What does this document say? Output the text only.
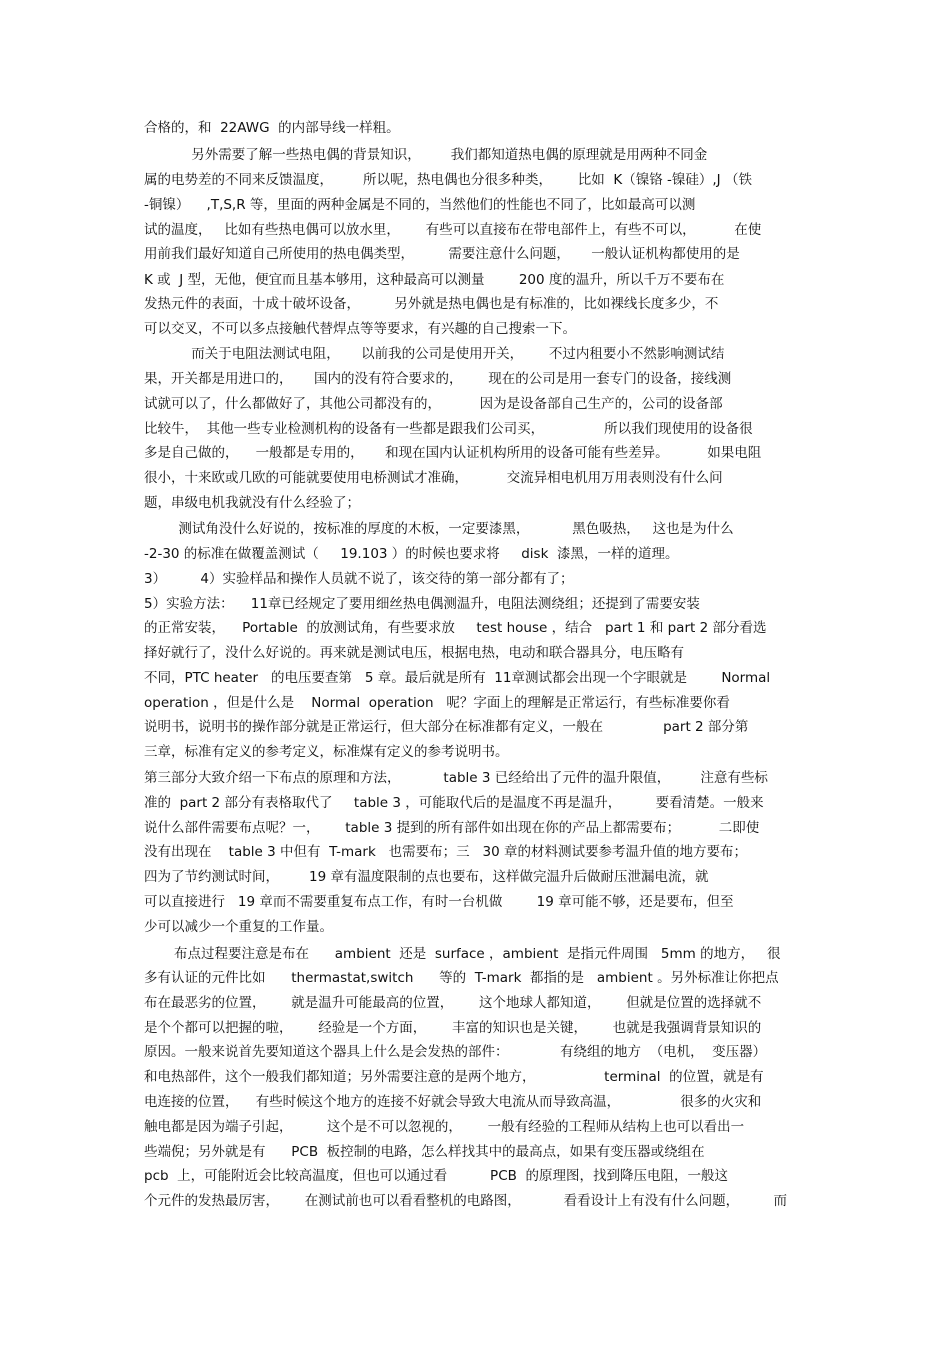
合格的，和  22AWG  的内部导线一样粗。
另外需要了解一些热电偶的背景知识，       我们都知道热电偶的原理就是用两种不同金
属的电势差的不同来反馈温度，       所以呢，热电偶也分很多种类，      比如  K（镍铬 -镍硅）,J （铁
-铜镍）    ,T,S,R 等，里面的两种金属是不同的，当然他们的性能也不同了，比如最高可以测
试的温度，   比如有些热电偶可以放水里，      有些可以直接布在带电部件上，有些不可以，         在使
用前我们最好知道自己所使用的热电偶类型，        需要注意什么问题，     一般认证机构都使用的是
K 或  J 型，无他，便宜而且基本够用，这种最高可以测量        200 度的温升，所以千万不要布在
发热元件的表面，十成十破坏设备，        另外就是热电偶也是有标准的，比如裸线长度多少，不
可以交叉，不可以多点接触代替焊点等等要求，有兴趣的自己搜索一下。
而关于电阻法测试电阻，     以前我的公司是使用开关，      不过内租要小不然影响测试结
果，开关都是用进口的，     国内的没有符合要求的，      现在的公司是用一套专门的设备，接线测
试就可以了，什么都做好了，其他公司都没有的，         因为是设备部自己生产的，公司的设备部
比较牛，  其他一些专业检测机构的设备有一些都是跟我们公司买，              所以我们现使用的设备很
多是自己做的，    一般都是专用的，     和现在国内认证机构所用的设备可能有些差异。         如果电阻
很小，十来欧或几欧的可能就要使用电桥测试才准确，         交流异相电机用万用表则没有什么问
题，串级电机我就没有什么经验了；
测试角没什么好说的，按标准的厚度的木板，一定要漆黑，          黑色吸热，   这也是为什么
-2-30 的标准在做覆盖测试（     19.103 ）的时候也要求将     disk  漆黑，一样的道理。
3）        4）实验样品和操作人员就不说了，该交待的第一部分都有了；
5）实验方法：    11章已经规定了要用细丝热电偶测温升，电阻法测绕组；还提到了需要安装
的正常安装，    Portable  的放测试角，有些要求放     test house ，结合   part 1 和 part 2 部分看选
择好就行了，没什么好说的。再来就是测试电压，根据电热，电动和联合器具分，电压略有
不同，PTC heater   的电压要查第   5 章。最后就是所有  11章测试都会出现一个字眼就是        Normal
operation ，但是什么是    Normal  operation   呢？字面上的理解是正常运行，有些标准要你看
说明书，说明书的操作部分就是正常运行，但大部分在标准都有定义，一般在              part 2 部分第
三章，标准有定义的参考定义，标准煤有定义的参考说明书。
第三部分大致介绍一下布点的原理和方法，          table 3 已经给出了元件的温升限值，       注意有些标
准的  part 2 部分有表格取代了     table 3 ，可能取代后的是温度不再是温升，        要看清楚。一般来
说什么部件需要布点呢？一，      table 3 提到的所有部件如出现在你的产品上都需要布；         二即使
没有出现在    table 3 中但有  T-mark   也需要布；三   30 章的材料测试要参考温升值的地方要布；
四为了节约测试时间，       19 章有温度限制的点也要布，这样做完温升后做耐压泄漏电流，就
可以直接进行   19 章而不需要重复布点工作，有时一台机做        19 章可能不够，还是要布，但至
少可以减少一个重复的工作量。
布点过程要注意是布在      ambient  还是  surface ，ambient  是指元件周围   5mm 的地方，   很
多有认证的元件比如      thermastat,switch      等的  T-mark  都指的是   ambient 。另外标准让你把点
布在最恶劣的位置，      就是温升可能最高的位置，      这个地球人都知道，      但就是位置的选择就不
是个个都可以把握的啦，      经验是一个方面，      丰富的知识也是关键，      也就是我强调背景知识的
原因。一般来说首先要知道这个器具上什么是会发热的部件：            有绕组的地方  （电机，  变压器）
和电热部件，这个一般我们都知道；另外需要注意的是两个地方，                terminal  的位置，就是有
电连接的位置，    有些时候这个地方的连接不好就会导致大电流从而导致高温，              很多的火灾和
触电都是因为端子引起，        这个是不可以忽视的，      一般有经验的工程师从结构上也可以看出一
些端倪；另外就是有      PCB  板控制的电路，怎么样找其中的最高点，如果有变压器或绕组在
pcb  上，可能附近会比较高温度，但也可以通过看          PCB  的原理图，找到降压电阻，一般这
个元件的发热最厉害，      在测试前也可以看看整机的电路图，          看看设计上有没有什么问题，        而
